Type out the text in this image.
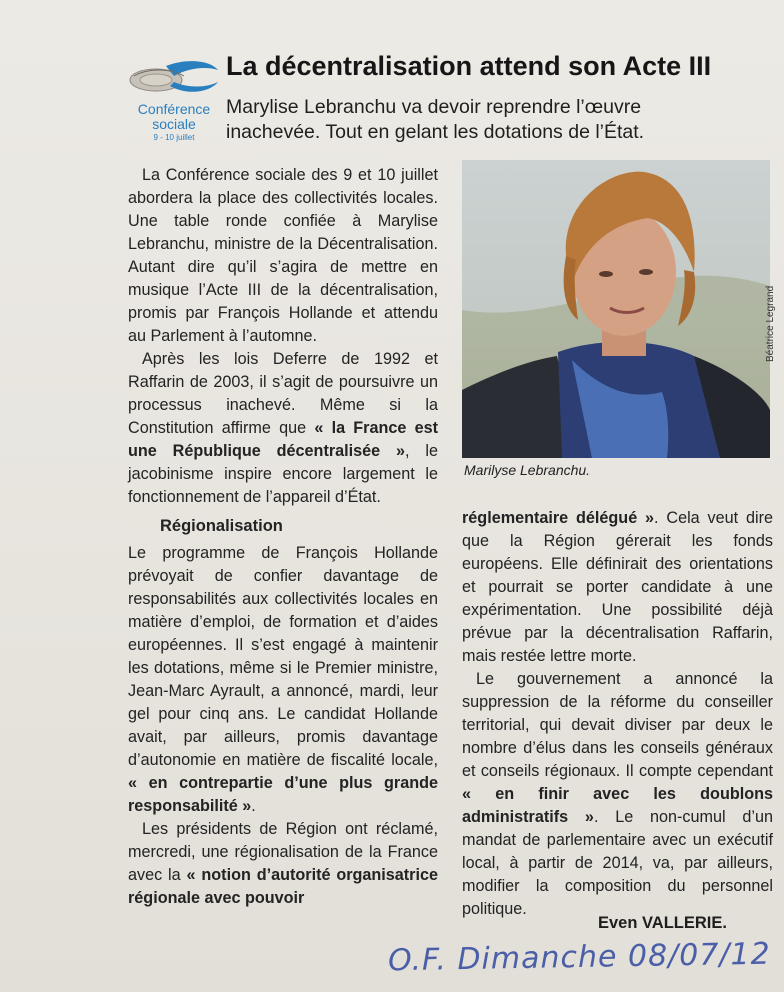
Conférence
sociale
9 - 10 juillet
La décentralisation attend son Acte III

Marylise Lebranchu va devoir reprendre l’œuvre inachevée. Tout en gelant les dotations de l’État.

La Conférence sociale des 9 et 10 juillet abordera la place des collectivités locales. Une table ronde confiée à Marylise Lebranchu, ministre de la Décentralisation. Autant dire qu’il s’agira de mettre en musique l’Acte III de la décentralisation, promis par François Hollande et attendu au Parlement à l’automne.

Après les lois Deferre de 1992 et Raffarin de 2003, il s’agit de poursuivre un processus inachevé. Même si la Constitution affirme que « la France est une République décentralisée », le jacobinisme inspire encore largement le fonctionnement de l’appareil d’État.

Régionalisation

Le programme de François Hollande prévoyait de confier davantage de responsabilités aux collectivités locales en matière d’emploi, de formation et d’aides européennes. Il s’est engagé à maintenir les dotations, même si le Premier ministre, Jean-Marc Ayrault, a annoncé, mardi, leur gel pour cinq ans. Le candidat Hollande avait, par ailleurs, promis davantage d’autonomie en matière de fiscalité locale, « en contrepartie d’une plus grande responsabilité ».

Les présidents de Région ont réclamé, mercredi, une régionalisation de la France avec la « notion d’autorité organisatrice régionale avec pouvoir

Béatrice Legrand
Marilyse Lebranchu.

réglementaire délégué ». Cela veut dire que la Région gérerait les fonds européens. Elle définirait des orientations et pourrait se porter candidate à une expérimentation. Une possibilité déjà prévue par la décentralisation Raffarin, mais restée lettre morte.

Le gouvernement a annoncé la suppression de la réforme du conseiller territorial, qui devait diviser par deux le nombre d’élus dans les conseils généraux et conseils régionaux. Il compte cependant « en finir avec les doublons administratifs ». Le non-cumul d’un mandat de parlementaire avec un exécutif local, à partir de 2014, va, par ailleurs, modifier la composition du personnel politique.

Even VALLERIE.
O.F. Dimanche 08/07/12
